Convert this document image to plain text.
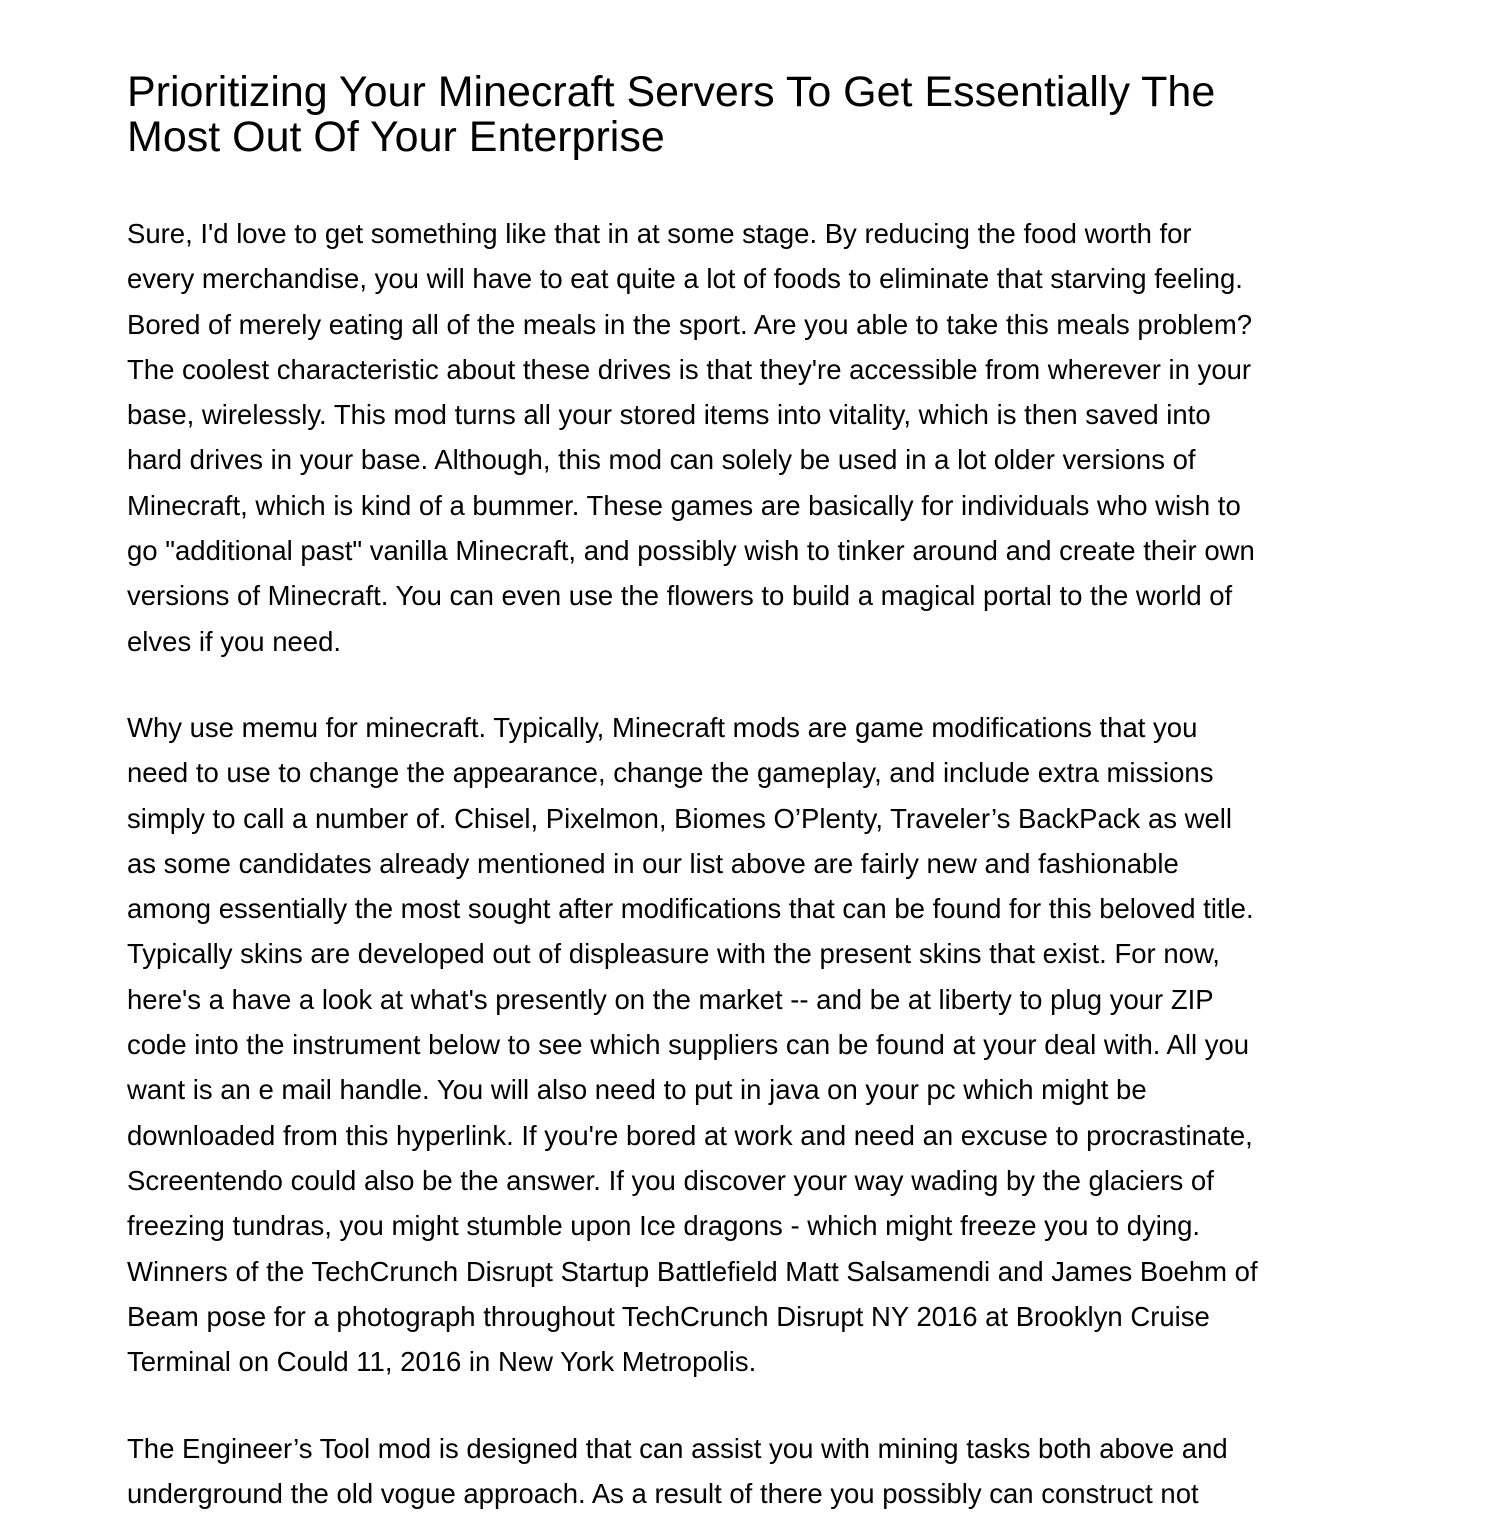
Prioritizing Your Minecraft Servers To Get Essentially The
Most Out Of Your Enterprise

Sure, I'd love to get something like that in at some stage. By reducing the food worth for
every merchandise, you will have to eat quite a lot of foods to eliminate that starving feeling.
Bored of merely eating all of the meals in the sport. Are you able to take this meals problem?
The coolest characteristic about these drives is that they're accessible from wherever in your
base, wirelessly. This mod turns all your stored items into vitality, which is then saved into
hard drives in your base. Although, this mod can solely be used in a lot older versions of
Minecraft, which is kind of a bummer. These games are basically for individuals who wish to
go "additional past" vanilla Minecraft, and possibly wish to tinker around and create their own
versions of Minecraft. You can even use the flowers to build a magical portal to the world of
elves if you need.

Why use memu for minecraft. Typically, Minecraft mods are game modifications that you
need to use to change the appearance, change the gameplay, and include extra missions
simply to call a number of. Chisel, Pixelmon, Biomes O’Plenty, Traveler’s BackPack as well
as some candidates already mentioned in our list above are fairly new and fashionable
among essentially the most sought after modifications that can be found for this beloved title.
Typically skins are developed out of displeasure with the present skins that exist. For now,
here's a have a look at what's presently on the market -- and be at liberty to plug your ZIP
code into the instrument below to see which suppliers can be found at your deal with. All you
want is an e mail handle. You will also need to put in java on your pc which might be
downloaded from this hyperlink. If you're bored at work and need an excuse to procrastinate,
Screentendo could also be the answer. If you discover your way wading by the glaciers of
freezing tundras, you might stumble upon Ice dragons - which might freeze you to dying.
Winners of the TechCrunch Disrupt Startup Battlefield Matt Salsamendi and James Boehm of
Beam pose for a photograph throughout TechCrunch Disrupt NY 2016 at Brooklyn Cruise
Terminal on Could 11, 2016 in New York Metropolis.

The Engineer’s Tool mod is designed that can assist you with mining tasks both above and
underground the old vogue approach. As a result of there you possibly can construct not
